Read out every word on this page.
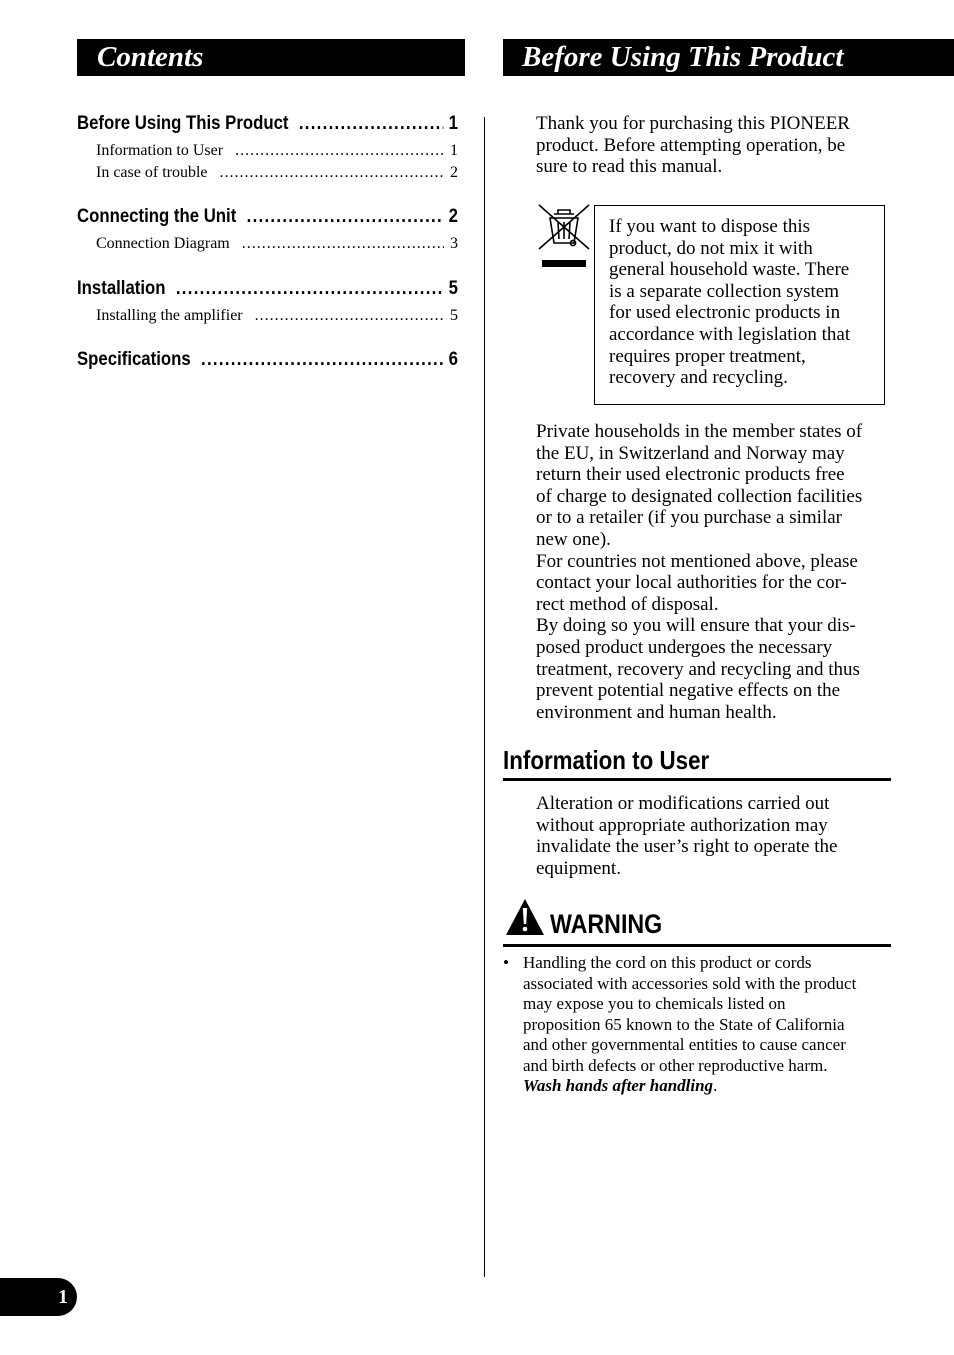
Contents	Before Using This Product
Before Using This Product .....	1
Information to User .....	1
In case of trouble .....	2
Connecting the Unit .....	2
Connection Diagram .....	3
Installation .....	5
Installing the amplifier .....	5
Specifications .....	6
Thank you for purchasing this PIONEER
product. Before attempting operation, be
sure to read this manual.
If you want to dispose this
product, do not mix it with
general household waste. There
is a separate collection system
for used electronic products in
accordance with legislation that
requires proper treatment,
recovery and recycling.
Private households in the member states of
the EU, in Switzerland and Norway may
return their used electronic products free
of charge to designated collection facilities
or to a retailer (if you purchase a similar
new one).
For countries not mentioned above, please
contact your local authorities for the cor-
rect method of disposal.
By doing so you will ensure that your dis-
posed product undergoes the necessary
treatment, recovery and recycling and thus
prevent potential negative effects on the
environment and human health.
Information to User
Alteration or modifications carried out
without appropriate authorization may
invalidate the user’s right to operate the
equipment.
WARNING
• Handling the cord on this product or cords
associated with accessories sold with the product
may expose you to chemicals listed on
proposition 65 known to the State of California
and other governmental entities to cause cancer
and birth defects or other reproductive harm.
Wash hands after handling.
1
